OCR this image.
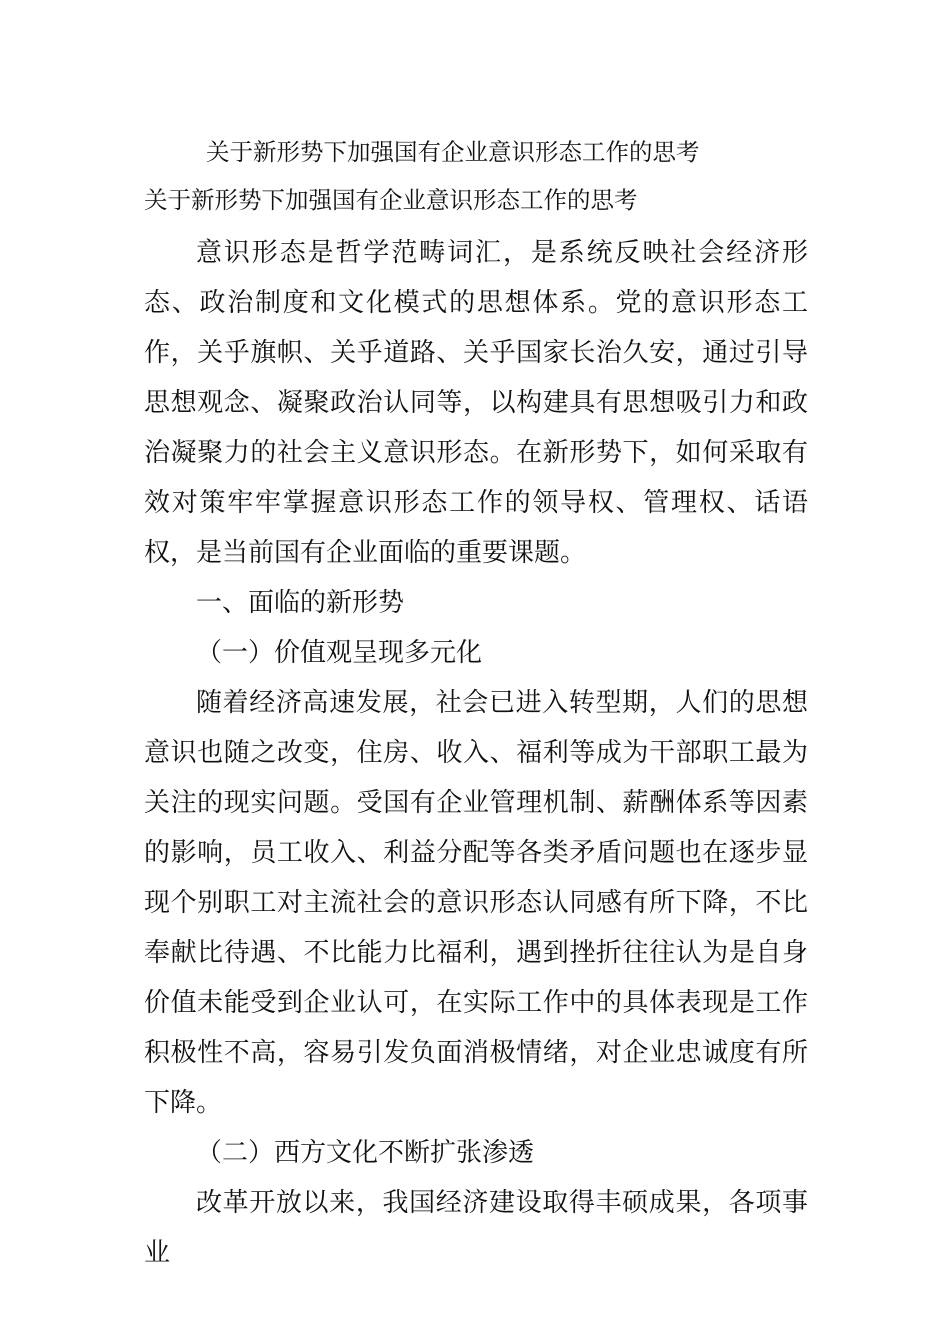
关于新形势下加强国有企业意识形态工作的思考

关于新形势下加强国有企业意识形态工作的思考

意识形态是哲学范畴词汇，是系统反映社会经济形态、政治制度和文化模式的思想体系。党的意识形态工作，关乎旗帜、关乎道路、关乎国家长治久安，通过引导思想观念、凝聚政治认同等，以构建具有思想吸引力和政治凝聚力的社会主义意识形态。在新形势下，如何采取有效对策牢牢掌握意识形态工作的领导权、管理权、话语权，是当前国有企业面临的重要课题。

一、面临的新形势
（一）价值观呈现多元化

随着经济高速发展，社会已进入转型期，人们的思想意识也随之改变，住房、收入、福利等成为干部职工最为关注的现实问题。受国有企业管理机制、薪酬体系等因素的影响，员工收入、利益分配等各类矛盾问题也在逐步显现个别职工对主流社会的意识形态认同感有所下降，不比奉献比待遇、不比能力比福利，遇到挫折往往认为是自身价值未能受到企业认可，在实际工作中的具体表现是工作积极性不高，容易引发负面消极情绪，对企业忠诚度有所下降。

（二）西方文化不断扩张渗透

改革开放以来，我国经济建设取得丰硕成果，各项事业
